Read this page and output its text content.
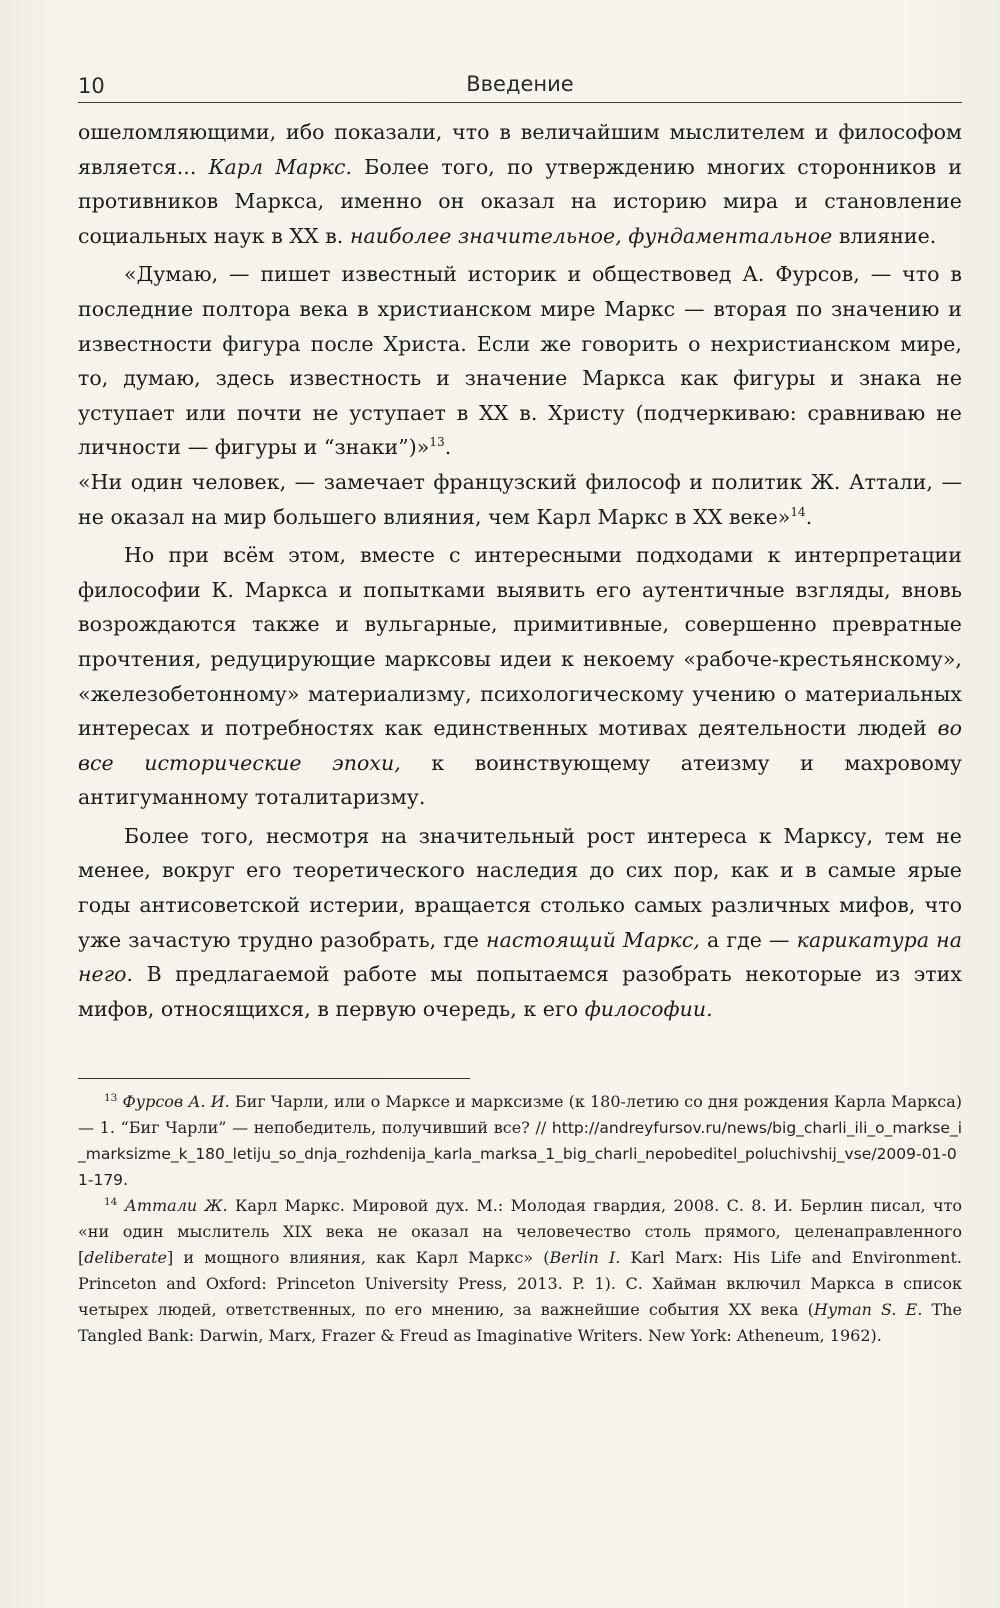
10	Введение

ошеломляющими, ибо показали, что в величайшим мыслителем и философом является... Карл Маркс. Более того, по утверждению многих сторонников и противников Маркса, именно он оказал на историю мира и становление социальных наук в XX в. наиболее значительное, фундаментальное влияние.

«Думаю, — пишет известный историк и обществовед А. Фурсов, — что в последние полтора века в христианском мире Маркс — вторая по значению и известности фигура после Христа. Если же говорить о нехристианском мире, то, думаю, здесь известность и значение Маркса как фигуры и знака не уступает или почти не уступает в XX в. Христу (подчеркиваю: сравниваю не личности — фигуры и “знаки”)»$^{13}$.

«Ни один человек, — замечает французский философ и политик Ж. Аттали, — не оказал на мир большего влияния, чем Карл Маркс в XX веке»$^{14}$.

Но при всём этом, вместе с интересными подходами к интерпретации философии К. Маркса и попытками выявить его аутентичные взгляды, вновь возрождаются также и вульгарные, примитивные, совершенно превратные прочтения, редуцирующие марксовы идеи к некоему «рабоче-крестьянскому», «железобетонному» материализму, психологическому учению о материальных интересах и потребностях как единственных мотивах деятельности людей во все исторические эпохи, к воинствующему атеизму и махровому антигуманному тоталитаризму.

Более того, несмотря на значительный рост интереса к Марксу, тем не менее, вокруг его теоретического наследия до сих пор, как и в самые ярые годы антисоветской истерии, вращается столько самых различных мифов, что уже зачастую трудно разобрать, где настоящий Маркс, а где — карикатура на него. В предлагаемой работе мы попытаемся разобрать некоторые из этих мифов, относящихся, в первую очередь, к его философии.

$^{13}$ Фурсов А. И. Биг Чарли, или о Марксе и марксизме (к 180-летию со дня рождения Карла Маркса) — 1. “Биг Чарли” — непобедитель, получивший все? // http://andreyfursov.ru/news/big_charli_ili_o_markse_i_marksizme_k_180_letiju_so_dnja_rozhdenija_karla_marksa_1_big_charli_nepobeditel_poluchivshij_vse/2009-01-01-179.

$^{14}$ Аттали Ж. Карл Маркс. Мировой дух. М.: Молодая гвардия, 2008. С. 8. И. Берлин писал, что «ни один мыслитель XIX века не оказал на человечество столь прямого, целенаправленного [deliberate] и мощного влияния, как Карл Маркс» (Berlin I. Karl Marx: His Life and Environment. Princeton and Oxford: Princeton University Press, 2013. P. 1). С. Хайман включил Маркса в список четырех людей, ответственных, по его мнению, за важнейшие события XX века (Hyman S. E. The Tangled Bank: Darwin, Marx, Frazer & Freud as Imaginative Writers. New York: Atheneum, 1962).
